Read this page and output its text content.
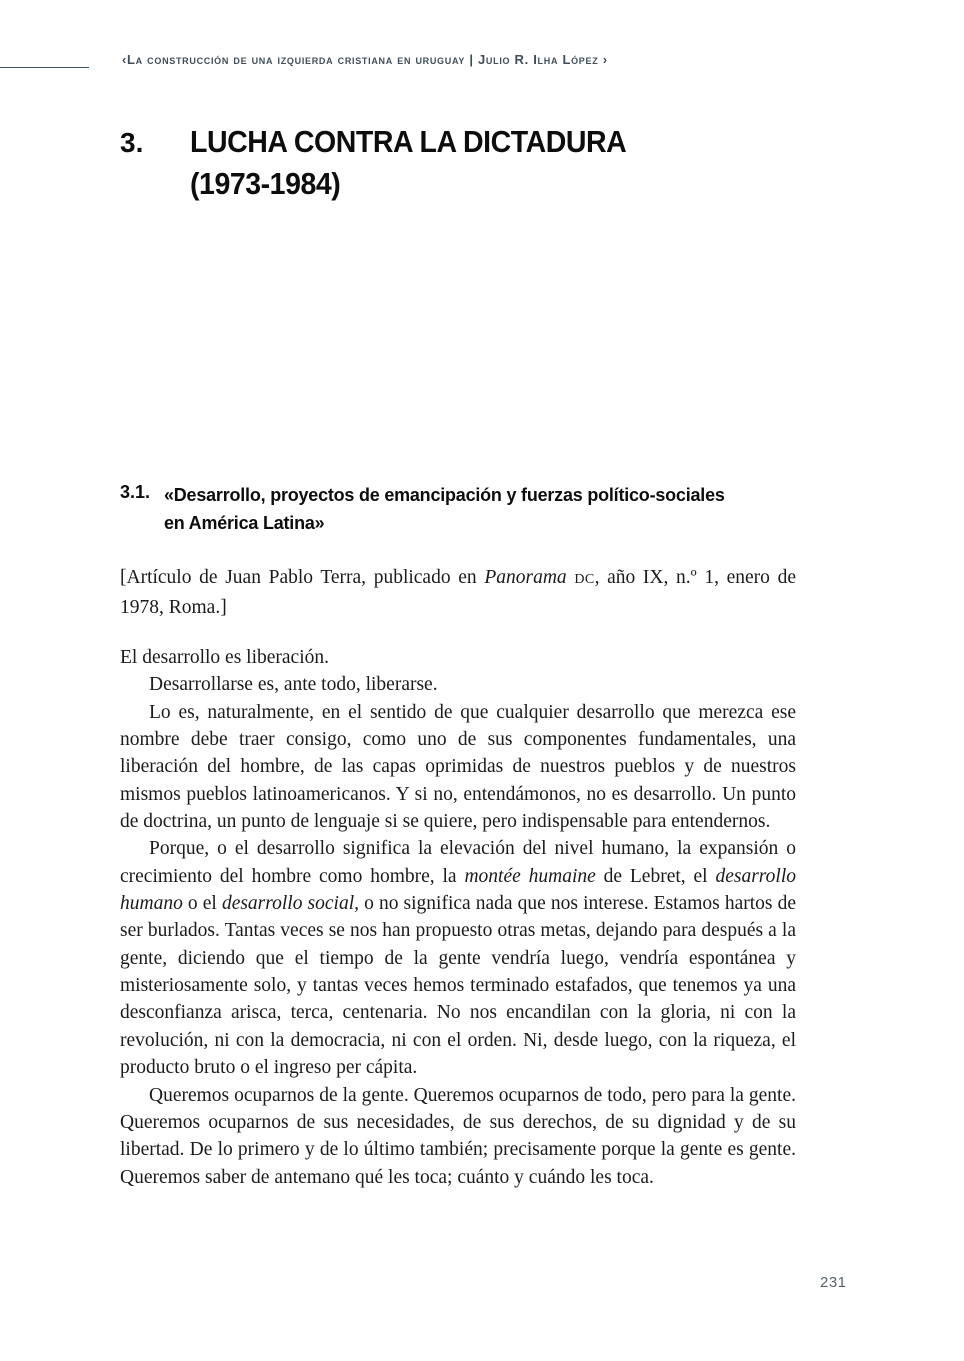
‹La construcción de una izquierda cristiana en uruguay | Julio R. Ilha López ›
3. LUCHA CONTRA LA DICTADURA
(1973-1984)
3.1. «Desarrollo, proyectos de emancipación y fuerzas político-sociales
en América Latina»
[Artículo de Juan Pablo Terra, publicado en Panorama dc, año IX, n.º 1, enero de 1978, Roma.]

El desarrollo es liberación.

Desarrollarse es, ante todo, liberarse.

Lo es, naturalmente, en el sentido de que cualquier desarrollo que merezca ese nombre debe traer consigo, como uno de sus componentes fundamentales, una liberación del hombre, de las capas oprimidas de nuestros pueblos y de nuestros mismos pueblos latinoamericanos. Y si no, entendámonos, no es desarrollo. Un punto de doctrina, un punto de lenguaje si se quiere, pero indispensable para entendernos.

Porque, o el desarrollo significa la elevación del nivel humano, la expansión o crecimiento del hombre como hombre, la montée humaine de Lebret, el desarrollo humano o el desarrollo social, o no significa nada que nos interese. Estamos hartos de ser burlados. Tantas veces se nos han propuesto otras metas, dejando para después a la gente, diciendo que el tiempo de la gente vendría luego, vendría espontánea y misteriosamente solo, y tantas veces hemos terminado estafados, que tenemos ya una desconfianza arisca, terca, centenaria. No nos encandilan con la gloria, ni con la revolución, ni con la democracia, ni con el orden. Ni, desde luego, con la riqueza, el producto bruto o el ingreso per cápita.

Queremos ocuparnos de la gente. Queremos ocuparnos de todo, pero para la gente. Queremos ocuparnos de sus necesidades, de sus derechos, de su dignidad y de su libertad. De lo primero y de lo último también; precisamente porque la gente es gente. Queremos saber de antemano qué les toca; cuánto y cuándo les toca.

231
